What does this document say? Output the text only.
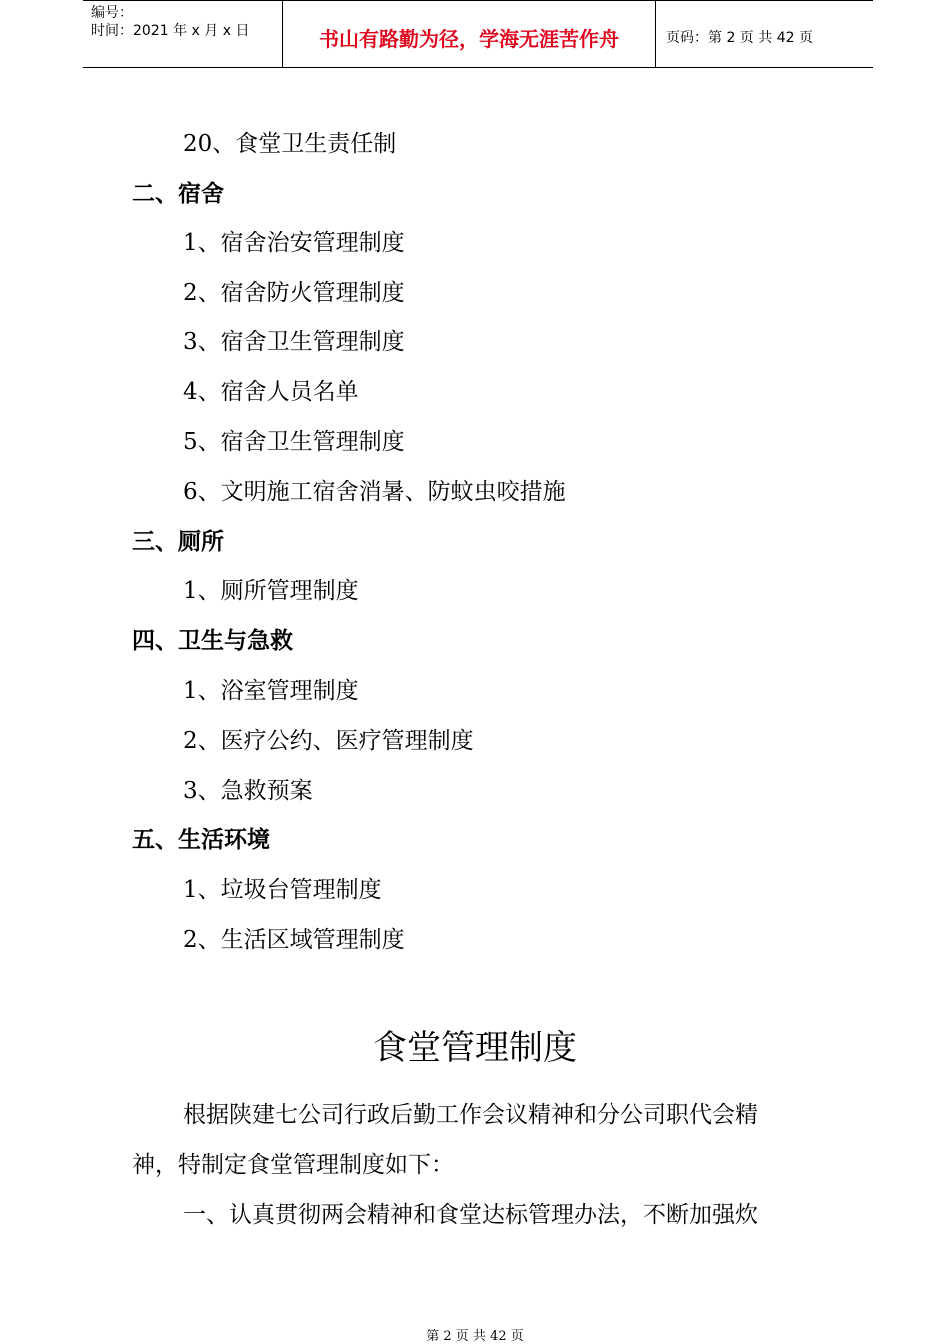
编号：
时间：2021 年 x 月 x 日	书山有路勤为径，学海无涯苦作舟	页码：第 2 页 共 42 页
20、食堂卫生责任制
二、宿舍
1、宿舍治安管理制度
2、宿舍防火管理制度
3、宿舍卫生管理制度
4、宿舍人员名单
5、宿舍卫生管理制度
6、文明施工宿舍消暑、防蚊虫咬措施
三、厕所
1、厕所管理制度
四、卫生与急救
1、浴室管理制度
2、医疗公约、医疗管理制度
3、急救预案
五、生活环境
1、垃圾台管理制度
2、生活区域管理制度
食堂管理制度
根据陕建七公司行政后勤工作会议精神和分公司职代会精
神，特制定食堂管理制度如下：
一、认真贯彻两会精神和食堂达标管理办法，不断加强炊
第 2 页 共 42 页
